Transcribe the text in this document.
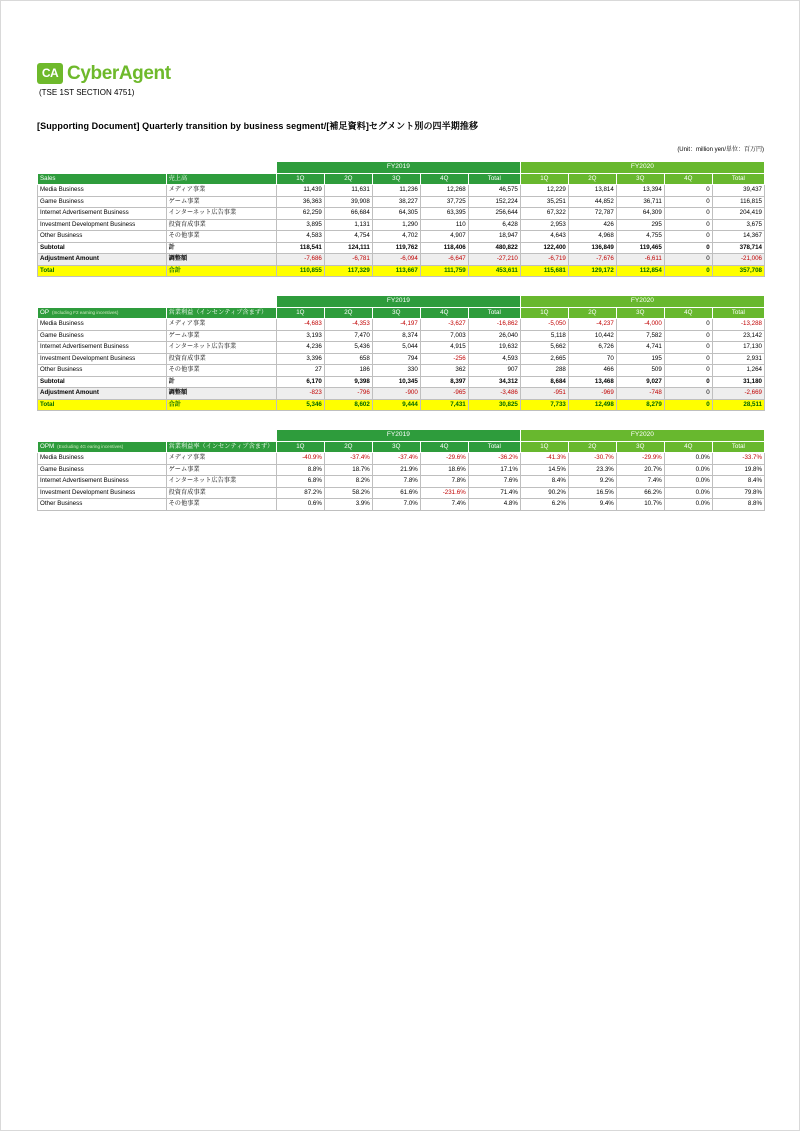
CA
CyberAgent
(TSE 1ST SECTION 4751)
[Supporting Document] Quarterly transition by business segment/[補足資料]セグメント別の四半期推移
(Unit：million yen/単位：百万円)
		FY2019					FY2020				
Sales	売上高	1Q	2Q	3Q	4Q	Total	1Q	2Q	3Q	4Q	Total
Media Business	メディア事業	11,439	11,631	11,236	12,268	46,575	12,229	13,814	13,394	0	39,437
Game Business	ゲーム事業	36,363	39,908	38,227	37,725	152,224	35,251	44,852	36,711	0	116,815
Internet Advertisement Business	インターネット広告事業	62,259	66,684	64,305	63,395	256,644	67,322	72,787	64,309	0	204,419
Investment Development Business	投資育成事業	3,895	1,131	1,290	110	6,428	2,953	426	295	0	3,675
Other Business	その他事業	4,583	4,754	4,702	4,907	18,947	4,643	4,968	4,755	0	14,367
Subtotal	計	118,541	124,111	119,762	118,406	480,822	122,400	136,849	119,465	0	378,714
Adjustment Amount	調整額	-7,686	-6,781	-6,094	-6,647	-27,210	-6,719	-7,676	-6,611	0	-21,006
Total	合計	110,855	117,329	113,667	111,759	453,611	115,681	129,172	112,854	0	357,708
		FY2019					FY2020				
OP (Including F2 earning incentives)	営業利益（インセンティブ含まず）	1Q	2Q	3Q	4Q	Total	1Q	2Q	3Q	4Q	Total
Media Business	メディア事業	-4,683	-4,353	-4,197	-3,627	-16,862	-5,050	-4,237	-4,000	0	-13,288
Game Business	ゲーム事業	3,193	7,470	8,374	7,003	26,040	5,118	10,442	7,582	0	23,142
Internet Advertisement Business	インターネット広告事業	4,236	5,436	5,044	4,915	19,632	5,662	6,726	4,741	0	17,130
Investment Development Business	投資育成事業	3,396	658	794	-256	4,593	2,665	70	195	0	2,931
Other Business	その他事業	27	186	330	362	907	288	466	509	0	1,264
Subtotal	計	6,170	9,398	10,345	8,397	34,312	8,684	13,468	9,027	0	31,180
Adjustment Amount	調整額	-823	-796	-900	-965	-3,486	-951	-969	-748	0	-2,669
Total	合計	5,346	8,602	9,444	7,431	30,825	7,733	12,498	8,279	0	28,511
		FY2019					FY2020				
OPM (Excluding 4G earing incentives)	営業利益率（インセンティブ含まず）	1Q	2Q	3Q	4Q	Total	1Q	2Q	3Q	4Q	Total
Media Business	メディア事業	-40.9%	-37.4%	-37.4%	-29.6%	-36.2%	-41.3%	-30.7%	-29.9%	0.0%	-33.7%
Game Business	ゲーム事業	8.8%	18.7%	21.9%	18.6%	17.1%	14.5%	23.3%	20.7%	0.0%	19.8%
Internet Advertisement Business	インターネット広告事業	6.8%	8.2%	7.8%	7.8%	7.6%	8.4%	9.2%	7.4%	0.0%	8.4%
Investment Development Business	投資育成事業	87.2%	58.2%	61.6%	-231.6%	71.4%	90.2%	16.5%	66.2%	0.0%	79.8%
Other Business	その他事業	0.6%	3.9%	7.0%	7.4%	4.8%	6.2%	9.4%	10.7%	0.0%	8.8%
